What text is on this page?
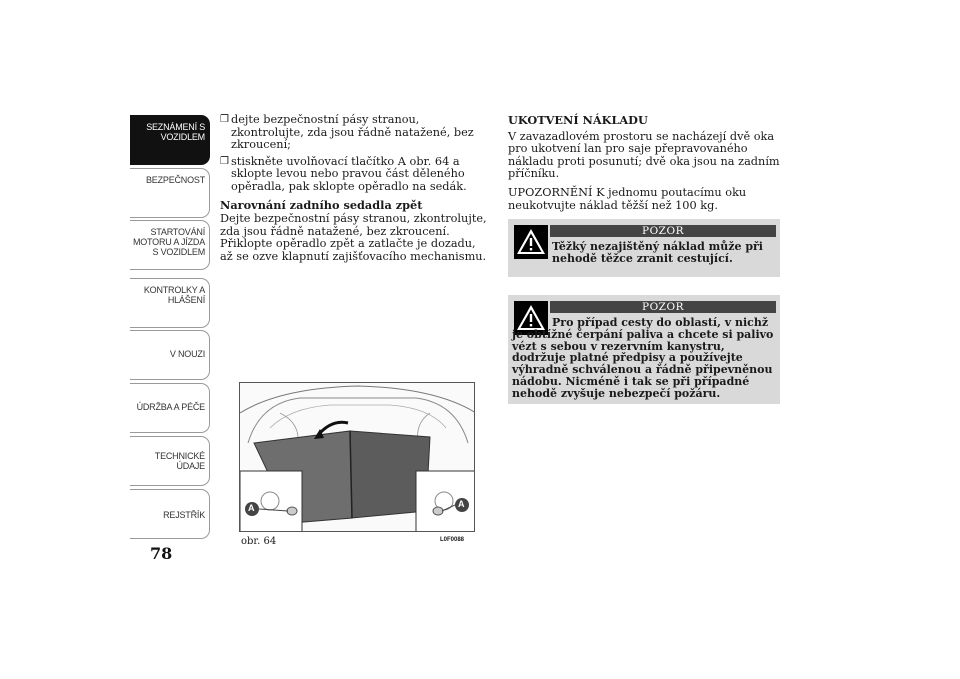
SEZNÁMENÍ S
VOZIDLEM
BEZPEČNOST
STARTOVÁNÍ
MOTORU A JÍZDA
S VOZIDLEM
KONTROLKY A
HLÁŠENÍ
V NOUZI
ÚDRŽBA A PÉČE
TECHNICKÉ
ÚDAJE
REJSTŘÍK
78
❒ dejte bezpečnostní pásy stranou, zkontrolujte, zda jsou řádně natažené, bez zkroucení;
❒ stiskněte uvolňovací tlačítko A obr. 64 a sklopte levou nebo pravou část děleného opěradla, pak sklopte opěradlo na sedák.
Narovnání zadního sedadla zpět

Dejte bezpečnostní pásy stranou, zkontrolujte, zda jsou řádně natažené, bez zkroucení. Přiklopte opěradlo zpět a zatlačte je dozadu, až se ozve klapnutí zajišťovacího mechanismu.

UKOTVENÍ NÁKLADU

V zavazadlovém prostoru se nacházejí dvě oka pro ukotvení lan pro saje přepravovaného nákladu proti posunutí; dvě oka jsou na zadním příčníku.

UPOZORNĚNÍ K jednomu poutacímu oku neukotvujte náklad těžší než 100 kg.

POZOR
Těžký nezajištěný náklad může při nehodě těžce zranit cestující.
POZOR
Pro případ cesty do oblastí, v nichž je obtížné čerpání paliva a chcete si palivo vézt s sebou v rezervním kanystru, dodržuje platné předpisy a používejte výhradně schválenou a řádně připevněnou nádobu. Nicméně i tak se při případné nehodě zvyšuje nebezpečí požáru.
A	A
obr. 64	L0F0088
